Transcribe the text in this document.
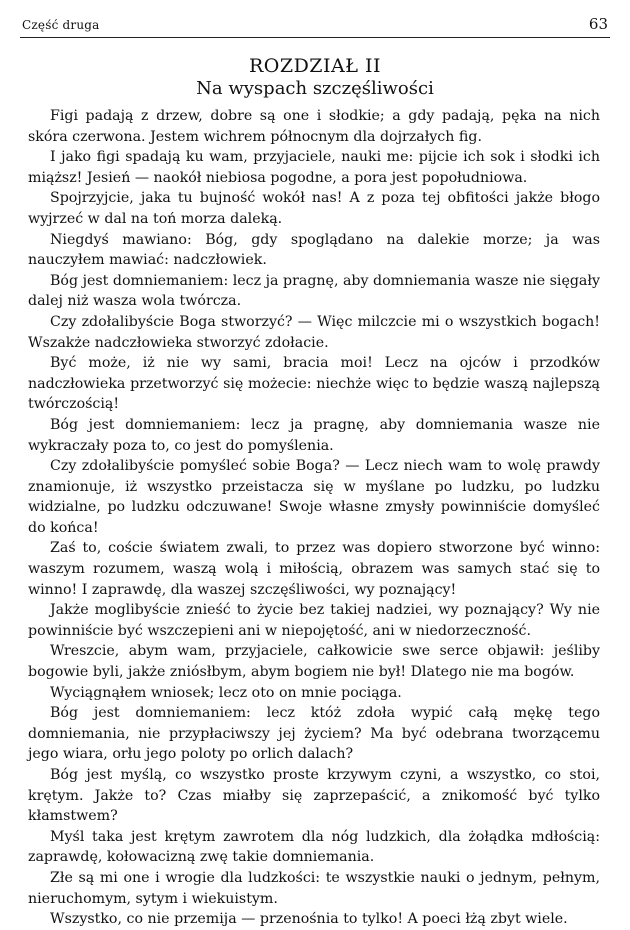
Część druga	63
ROZDZIAŁ II
Na wyspach szczęśliwości

Figi padają z drzew, dobre są one i słodkie; a gdy padają, pęka na nich skóra czerwona. Jestem wichrem północnym dla dojrzałych fig.

I jako figi spadają ku wam, przyjaciele, nauki me: pijcie ich sok i słodki ich miąższ! Jesień — naokół niebiosa pogodne, a pora jest popołudniowa.

Spojrzyjcie, jaka tu bujność wokół nas! A z poza tej obfitości jakże błogo wyjrzeć w dal na toń morza daleką.

Niegdyś mawiano: Bóg, gdy spoglądano na dalekie morze; ja was nauczyłem mawiać: nadczłowiek.

Bóg jest domniemaniem: lecz ja pragnę, aby domniemania wasze nie sięgały dalej niż wasza wola twórcza.

Czy zdołalibyście Boga stworzyć? — Więc milczcie mi o wszystkich bogach! Wszakże nadczłowieka stworzyć zdołacie.

Być może, iż nie wy sami, bracia moi! Lecz na ojców i przodków nadczłowieka przetworzyć się możecie: niechże więc to będzie waszą najlepszą twórczością!

Bóg jest domniemaniem: lecz ja pragnę, aby domniemania wasze nie wykraczały poza to, co jest do pomyślenia.

Czy zdołalibyście pomyśleć sobie Boga? — Lecz niech wam to wolę prawdy znamionuje, iż wszystko przeistacza się w myślane po ludzku, po ludzku widzialne, po ludzku odczuwane! Swoje własne zmysły powinniście domyśleć do końca!

Zaś to, coście światem zwali, to przez was dopiero stworzone być winno: waszym rozumem, waszą wolą i miłością, obrazem was samych stać się to winno! I zaprawdę, dla waszej szczęśliwości, wy poznający!

Jakże moglibyście znieść to życie bez takiej nadziei, wy poznający? Wy nie powinniście być wszczepieni ani w niepojętość, ani w niedorzeczność.

Wreszcie, abym wam, przyjaciele, całkowicie swe serce objawił: jeśliby bogowie byli, jakże zniósłbym, abym bogiem nie był! Dlatego nie ma bogów.

Wyciągnąłem wniosek; lecz oto on mnie pociąga.

Bóg jest domniemaniem: lecz któż zdoła wypić całą mękę tego domniemania, nie przypłaciwszy jej życiem? Ma być odebrana tworzącemu jego wiara, orłu jego poloty po orlich dalach?

Bóg jest myślą, co wszystko proste krzywym czyni, a wszystko, co stoi, krętym. Jakże to? Czas miałby się zaprzepaścić, a znikomość być tylko kłamstwem?

Myśl taka jest krętym zawrotem dla nóg ludzkich, dla żołądka mdłością: zaprawdę, kołowacizną zwę takie domniemania.

Złe są mi one i wrogie dla ludzkości: te wszystkie nauki o jednym, pełnym, nieruchomym, sytym i wiekuistym.

Wszystko, co nie przemija — przenośnia to tylko! A poeci łżą zbyt wiele.
